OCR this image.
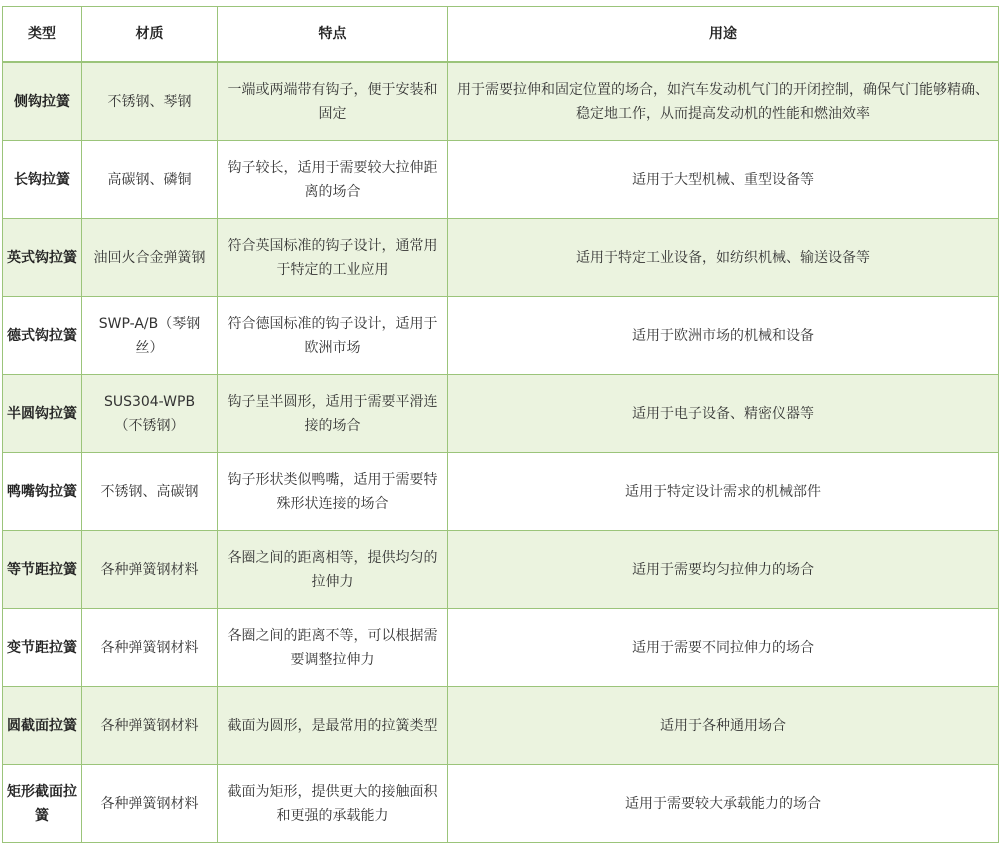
类型	材质	特点	用途
侧钩拉簧	不锈钢、琴钢	一端或两端带有钩子，便于安装和固定	用于需要拉伸和固定位置的场合，如汽车发动机气门的开闭控制，确保气门能够精确、稳定地工作，从而提高发动机的性能和燃油效率
长钩拉簧	高碳钢、磷铜	钩子较长，适用于需要较大拉伸距离的场合	适用于大型机械、重型设备等
英式钩拉簧	油回火合金弹簧钢	符合英国标准的钩子设计，通常用于特定的工业应用	适用于特定工业设备，如纺织机械、输送设备等
德式钩拉簧	SWP-A/B（琴钢丝）	符合德国标准的钩子设计，适用于欧洲市场	适用于欧洲市场的机械和设备
半圆钩拉簧	SUS304-WPB（不锈钢）	钩子呈半圆形，适用于需要平滑连接的场合	适用于电子设备、精密仪器等
鸭嘴钩拉簧	不锈钢、高碳钢	钩子形状类似鸭嘴，适用于需要特殊形状连接的场合	适用于特定设计需求的机械部件
等节距拉簧	各种弹簧钢材料	各圈之间的距离相等，提供均匀的拉伸力	适用于需要均匀拉伸力的场合
变节距拉簧	各种弹簧钢材料	各圈之间的距离不等，可以根据需要调整拉伸力	适用于需要不同拉伸力的场合
圆截面拉簧	各种弹簧钢材料	截面为圆形，是最常用的拉簧类型	适用于各种通用场合
矩形截面拉簧	各种弹簧钢材料	截面为矩形，提供更大的接触面积和更强的承载能力	适用于需要较大承载能力的场合
